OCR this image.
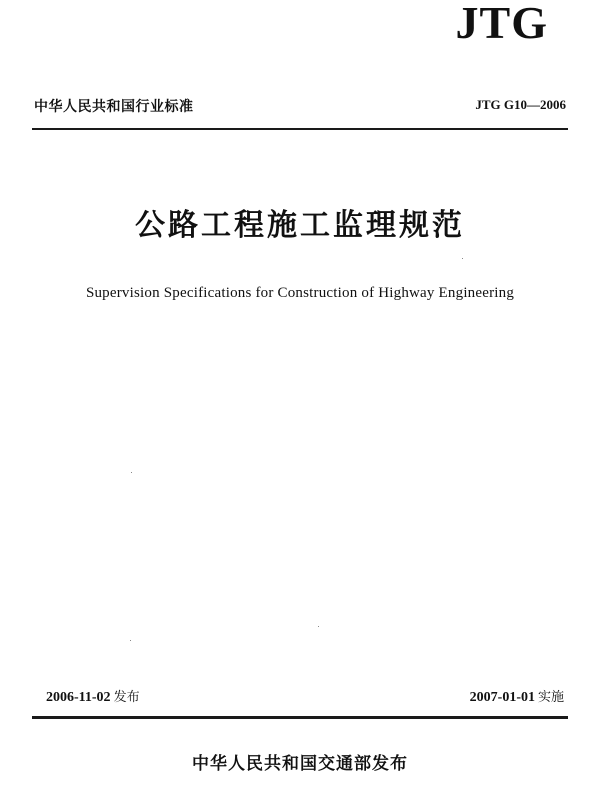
JTG
中华人民共和国行业标准	JTG G10—2006
公路工程施工监理规范
Supervision Specifications for Construction of Highway Engineering
2006-11-02 发布	2007-01-01 实施
中华人民共和国交通部发布
